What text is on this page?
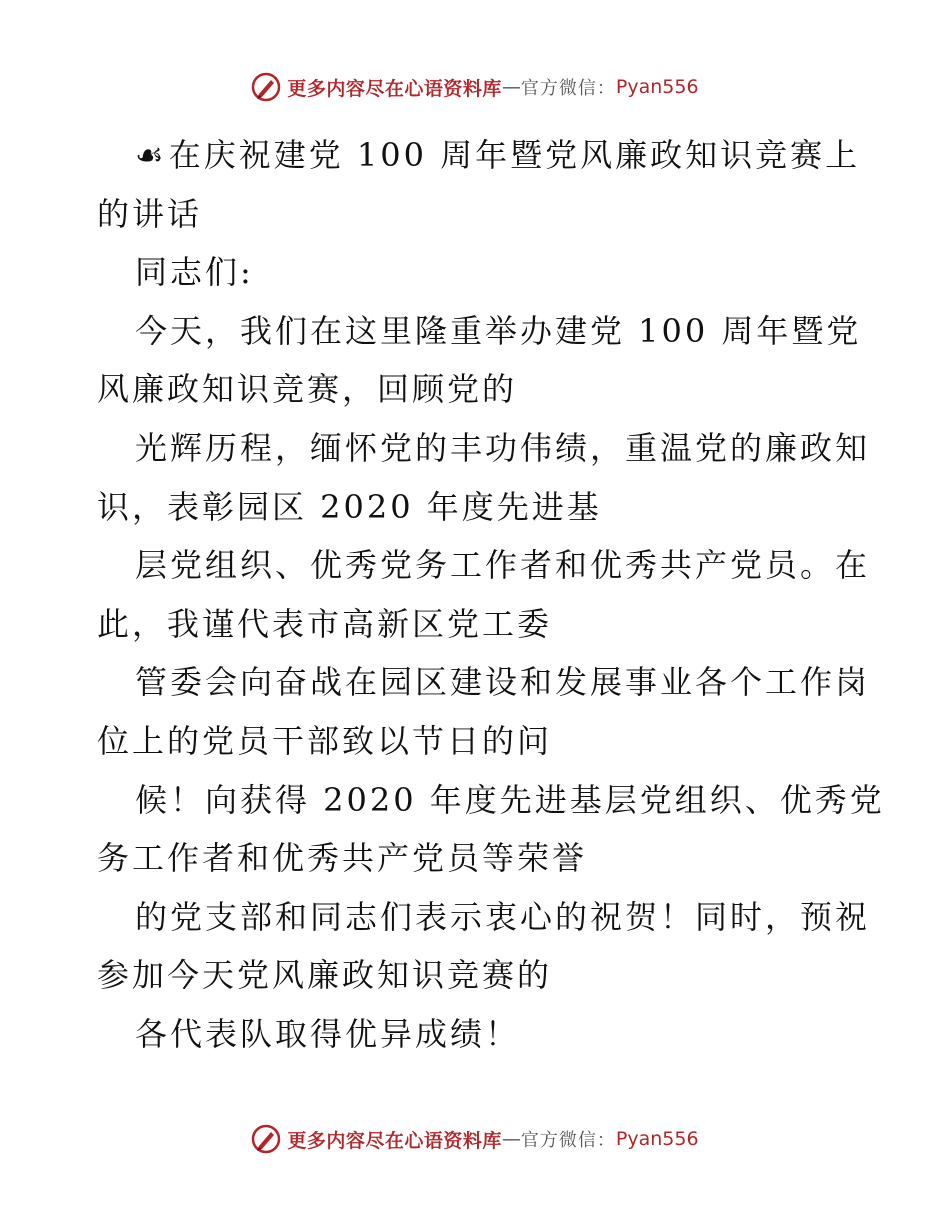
更多内容尽在心语资料库 — 官方微信： Pyan556
☙在庆祝建党 100 周年暨党风廉政知识竞赛上
的讲话
同志们:
今天，我们在这里隆重举办建党 100 周年暨党
风廉政知识竞赛，回顾党的
光辉历程，缅怀党的丰功伟绩，重温党的廉政知
识，表彰园区 2020 年度先进基
层党组织、优秀党务工作者和优秀共产党员。在
此，我谨代表市高新区党工委
管委会向奋战在园区建设和发展事业各个工作岗
位上的党员干部致以节日的问
候！向获得 2020 年度先进基层党组织、优秀党
务工作者和优秀共产党员等荣誉
的党支部和同志们表示衷心的祝贺！同时，预祝
参加今天党风廉政知识竞赛的
各代表队取得优异成绩！
更多内容尽在心语资料库 — 官方微信： Pyan556
